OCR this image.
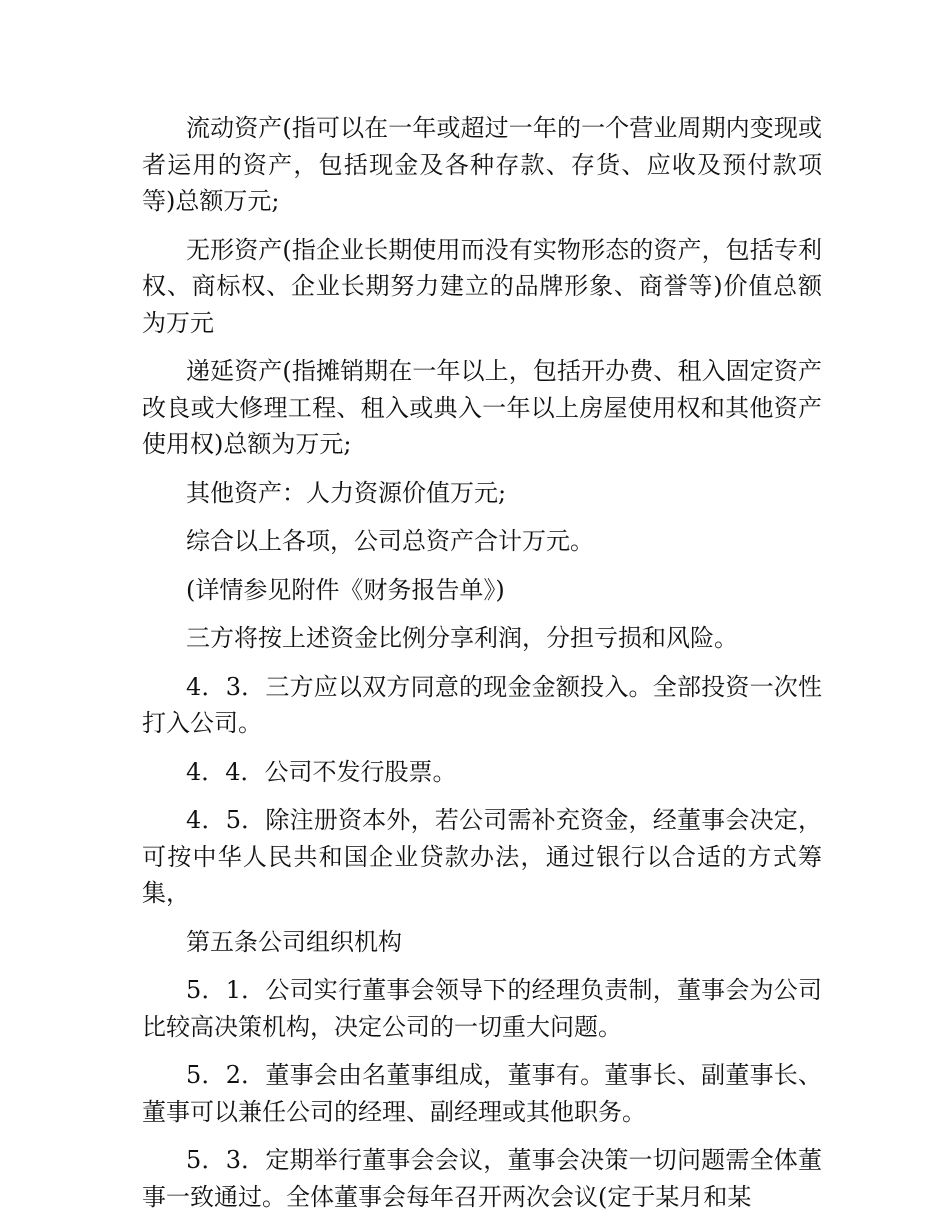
流动资产(指可以在一年或超过一年的一个营业周期内变现或者运用的资产，包括现金及各种存款、存货、应收及预付款项等)总额万元;

无形资产(指企业长期使用而没有实物形态的资产，包括专利权、商标权、企业长期努力建立的品牌形象、商誉等)价值总额为万元

递延资产(指摊销期在一年以上，包括开办费、租入固定资产改良或大修理工程、租入或典入一年以上房屋使用权和其他资产使用权)总额为万元;

其他资产：人力资源价值万元;

综合以上各项，公司总资产合计万元。

(详情参见附件《财务报告单》)

三方将按上述资金比例分享利润，分担亏损和风险。

4．3．三方应以双方同意的现金金额投入。全部投资一次性打入公司。

4．4．公司不发行股票。

4．5．除注册资本外，若公司需补充资金，经董事会决定，可按中华人民共和国企业贷款办法，通过银行以合适的方式筹集，

第五条公司组织机构

5．1．公司实行董事会领导下的经理负责制，董事会为公司比较高决策机构，决定公司的一切重大问题。

5．2．董事会由名董事组成，董事有。董事长、副董事长、董事可以兼任公司的经理、副经理或其他职务。

5．3．定期举行董事会会议，董事会决策一切问题需全体董事一致通过。全体董事会每年召开两次会议(定于某月和某
